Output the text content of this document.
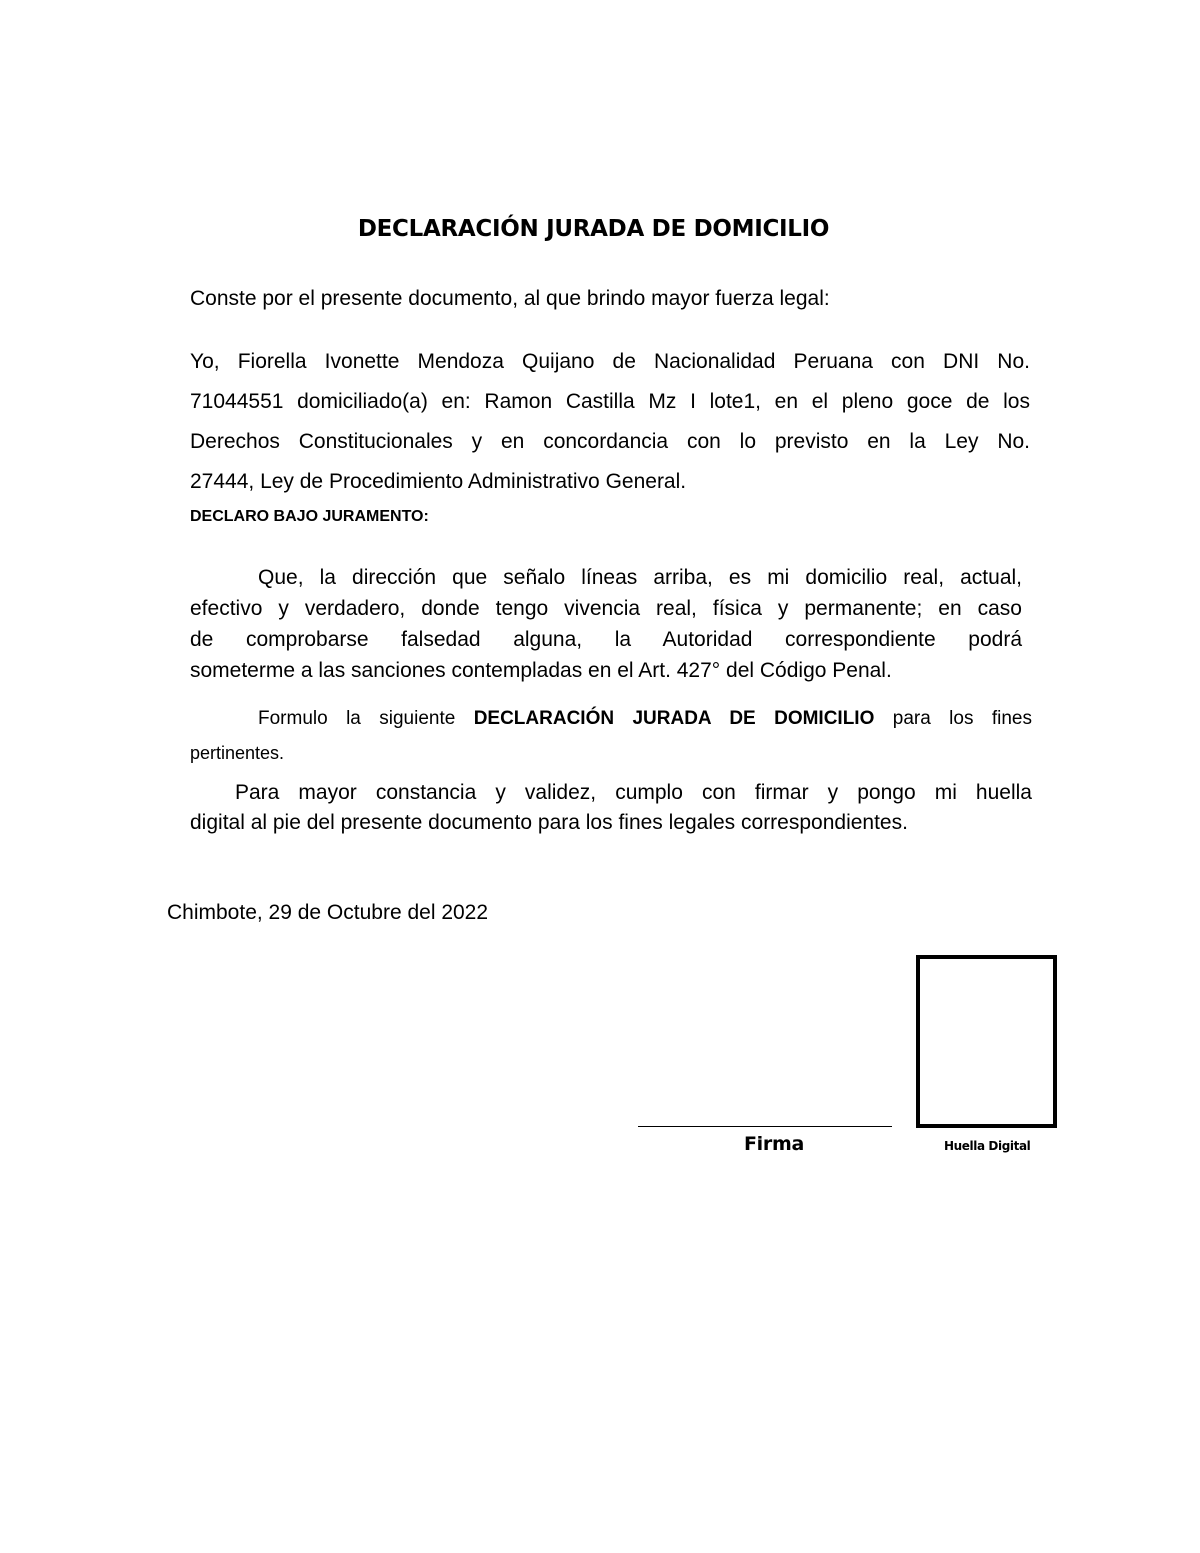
DECLARACIÓN JURADA DE DOMICILIO
Conste por el presente documento, al que brindo mayor fuerza legal:
Yo, Fiorella Ivonette Mendoza Quijano de Nacionalidad Peruana con DNI No.
71044551 domiciliado(a) en: Ramon Castilla Mz I lote1, en el pleno goce de los
Derechos Constitucionales y en concordancia con lo previsto en la Ley No.
27444, Ley de Procedimiento Administrativo General.
DECLARO BAJO JURAMENTO:
Que, la dirección que señalo líneas arriba, es mi domicilio real, actual,
efectivo y verdadero, donde tengo vivencia real, física y permanente; en caso
de comprobarse falsedad alguna, la Autoridad correspondiente podrá
someterme a las sanciones contempladas en el Art. 427° del Código Penal.
Formulo la siguiente DECLARACIÓN JURADA DE DOMICILIO para los fines
pertinentes.
Para mayor constancia y validez, cumplo con firmar y pongo mi huella
digital al pie del presente documento para los fines legales correspondientes.
Chimbote, 29 de Octubre del 2022
Firma	Huella Digital
